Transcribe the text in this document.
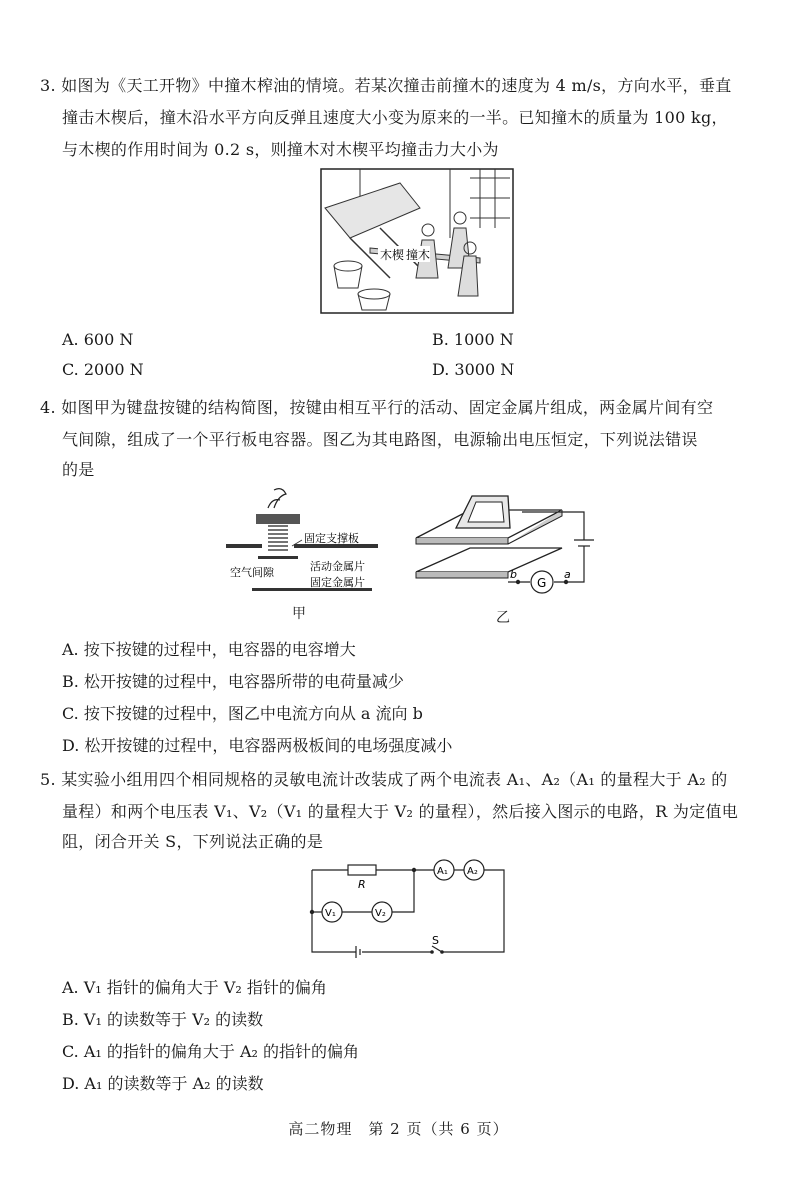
3. 如图为《天工开物》中撞木榨油的情境。若某次撞击前撞木的速度为 4 m/s，方向水平，垂直
撞击木楔后，撞木沿水平方向反弹且速度大小变为原来的一半。已知撞木的质量为 100 kg，
与木楔的作用时间为 0.2 s，则撞木对木楔平均撞击力大小为
木楔 撞木
A. 600 N	B. 1000 N
C. 2000 N	D. 3000 N
4. 如图甲为键盘按键的结构简图，按键由相互平行的活动、固定金属片组成，两金属片间有空
气间隙，组成了一个平行板电容器。图乙为其电路图，电源输出电压恒定，下列说法错误
的是
固定支撑板
空气间隙	活动金属片
固定金属片
甲
G
b	a
乙
A. 按下按键的过程中，电容器的电容增大
B. 松开按键的过程中，电容器所带的电荷量减少
C. 按下按键的过程中，图乙中电流方向从 a 流向 b
D. 松开按键的过程中，电容器两极板间的电场强度减小
5. 某实验小组用四个相同规格的灵敏电流计改装成了两个电流表 A₁、A₂（A₁ 的量程大于 A₂ 的
量程）和两个电压表 V₁、V₂（V₁ 的量程大于 V₂ 的量程），然后接入图示的电路，R 为定值电
阻，闭合开关 S，下列说法正确的是
R
A₁ A₂
V₁	V₂
S
A. V₁ 指针的偏角大于 V₂ 指针的偏角
B. V₁ 的读数等于 V₂ 的读数
C. A₁ 的指针的偏角大于 A₂ 的指针的偏角
D. A₁ 的读数等于 A₂ 的读数
高二物理　第 2 页（共 6 页）
